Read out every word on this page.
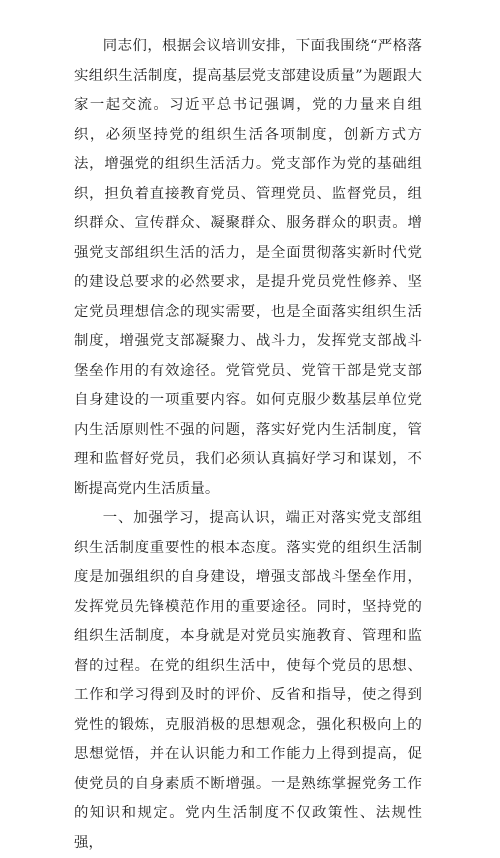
同志们，根据会议培训安排，下面我围绕“严格落实组织生活制度，提高基层党支部建设质量”为题跟大家一起交流。习近平总书记强调，党的力量来自组织，必须坚持党的组织生活各项制度，创新方式方法，增强党的组织生活活力。党支部作为党的基础组织，担负着直接教育党员、管理党员、监督党员，组织群众、宣传群众、凝聚群众、服务群众的职责。增强党支部组织生活的活力，是全面贯彻落实新时代党的建设总要求的必然要求，是提升党员党性修养、坚定党员理想信念的现实需要，也是全面落实组织生活制度，增强党支部凝聚力、战斗力，发挥党支部战斗堡垒作用的有效途径。党管党员、党管干部是党支部自身建设的一项重要内容。如何克服少数基层单位党内生活原则性不强的问题，落实好党内生活制度，管理和监督好党员，我们必须认真搞好学习和谋划，不断提高党内生活质量。

一、加强学习，提高认识，端正对落实党支部组织生活制度重要性的根本态度。落实党的组织生活制度是加强组织的自身建设，增强支部战斗堡垒作用，发挥党员先锋模范作用的重要途径。同时，坚持党的组织生活制度，本身就是对党员实施教育、管理和监督的过程。在党的组织生活中，使每个党员的思想、工作和学习得到及时的评价、反省和指导，使之得到党性的锻炼，克服消极的思想观念，强化积极向上的思想觉悟，并在认识能力和工作能力上得到提高，促使党员的自身素质不断增强。一是熟练掌握党务工作的知识和规定。党内生活制度不仅政策性、法规性强，
